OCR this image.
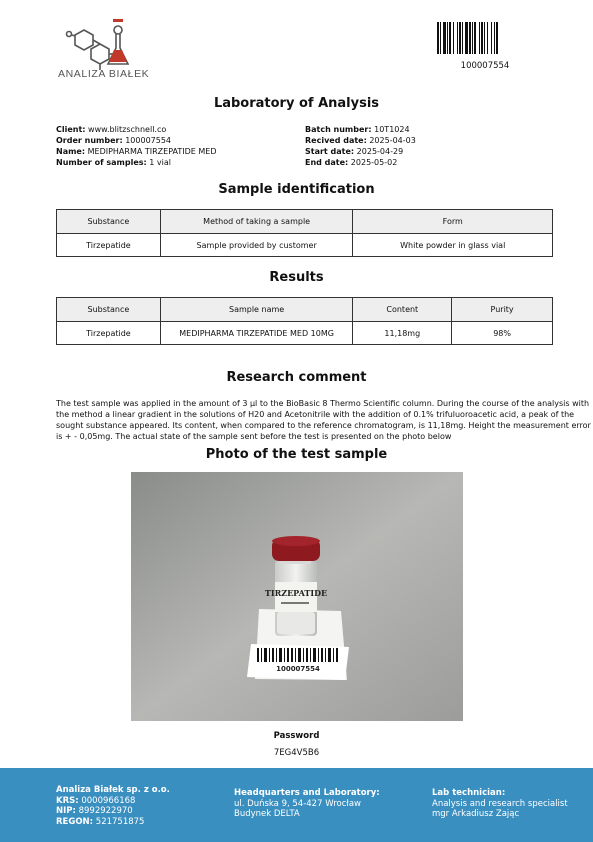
ANALIZA BIAŁEK
100007554
Laboratory of Analysis
Client: www.blitzschnell.co
Order number: 100007554
Name: MEDIPHARMA TIRZEPATIDE MED
Number of samples: 1 vial
Batch number: 10T1024
Recived date: 2025-04-03
Start date: 2025-04-29
End date: 2025-05-02
Sample identification
Substance	Method of taking a sample	Form
Tirzepatide	Sample provided by customer	White powder in glass vial
Results
Substance	Sample name	Content	Purity
Tirzepatide	MEDIPHARMA TIRZEPATIDE MED 10MG	11,18mg	98%
Research comment
The test sample was applied in the amount of 3 µl to the BioBasic 8 Thermo Scientific column. During the course of the analysis with the method a linear gradient in the solutions of H20 and Acetonitrile with the addition of 0.1% trifuluoroacetic acid, a peak of the sought substance appeared. Its content, when compared to the reference chromatogram, is 11,18mg. Height the measurement error is + - 0,05mg. The actual state of the sample sent before the test is presented on the photo below
Photo of the test sample
100007554
TIRZEPATIDE
Password
7EG4V5B6
Analiza Białek sp. z o.o.
KRS: 0000966168
NIP: 8992922970
REGON: 521751875
Headquarters and Laboratory:
ul. Duńska 9, 54-427 Wrocław
Budynek DELTA
Lab technician:
Analysis and research specialist
mgr Arkadiusz Zając
